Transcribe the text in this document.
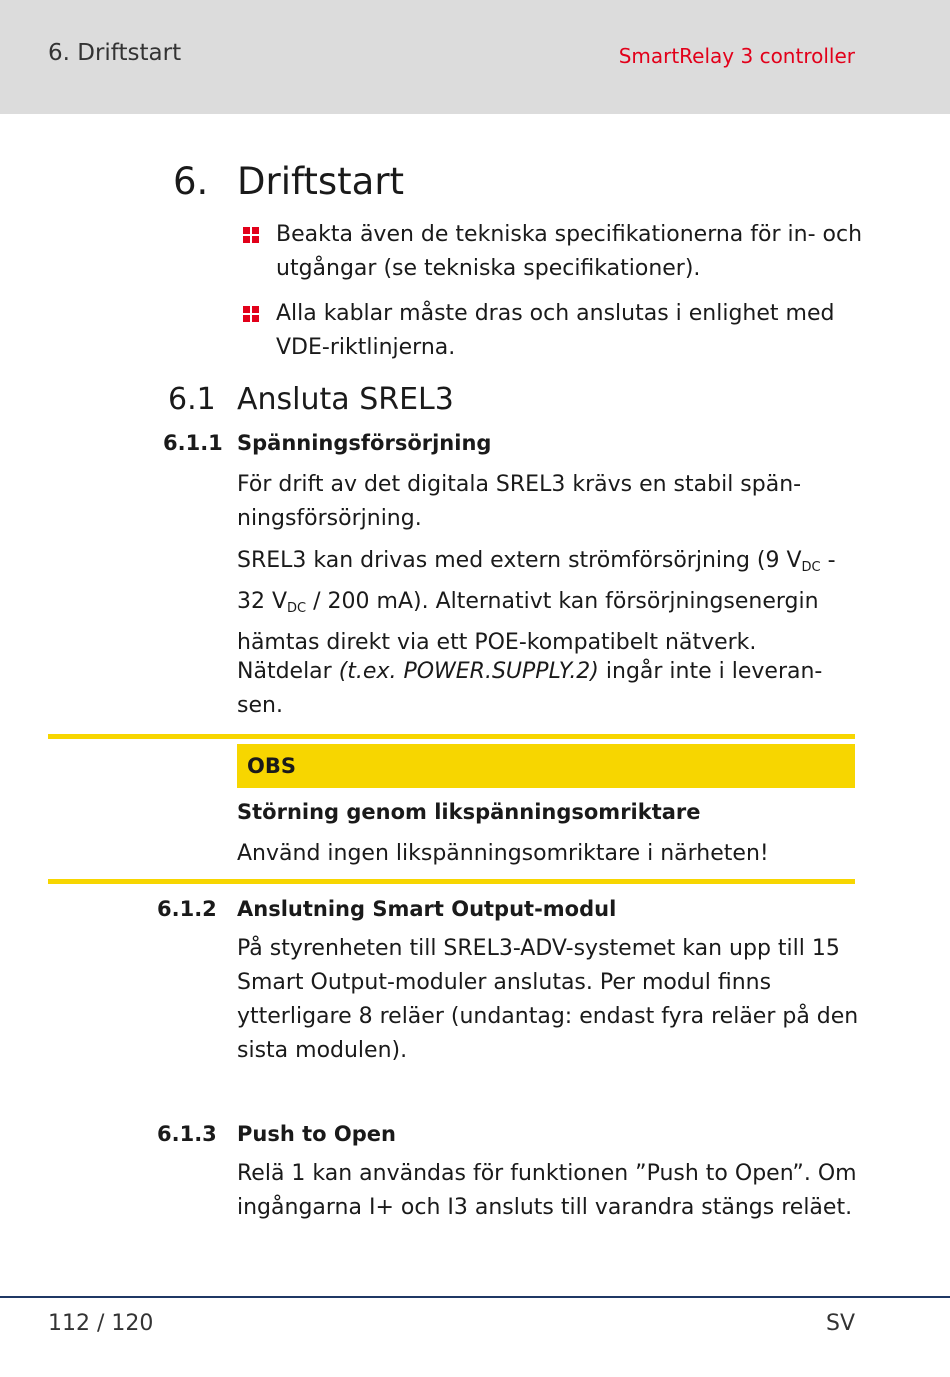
6. Driftstart	SmartRelay 3 controller
6. Driftstart
Beakta även de tekniska specifikationerna för in- och utgångar (se tekniska specifikationer).
Alla kablar måste dras och anslutas i enlighet med VDE-riktlinjerna.
6.1 Ansluta SREL3
6.1.1 Spänningsförsörjning
För drift av det digitala SREL3 krävs en stabil spän-ningsförsörjning.
SREL3 kan drivas med extern strömförsörjning (9 $V_{DC} - 32$ $V_{DC} / 200$ mA). Alternativt kan försörjningsenergin hämtas direkt via ett POE-kompatibelt nätverk.
Nätdelar (t.ex. POWER.SUPPLY.2) ingår inte i leveran-sen.
OBS
Störning genom likspänningsomriktare
Använd ingen likspänningsomriktare i närheten!
6.1.2 Anslutning Smart Output-modul
På styrenheten till SREL3-ADV-systemet kan upp till 15 Smart Output-moduler anslutas. Per modul finns ytterligare 8 reläer (undantag: endast fyra reläer på den sista modulen).
6.1.3 Push to Open
Relä 1 kan användas för funktionen ”Push to Open”. Om ingångarna I+ och I3 ansluts till varandra stängs reläet.
112 / 120	SV
